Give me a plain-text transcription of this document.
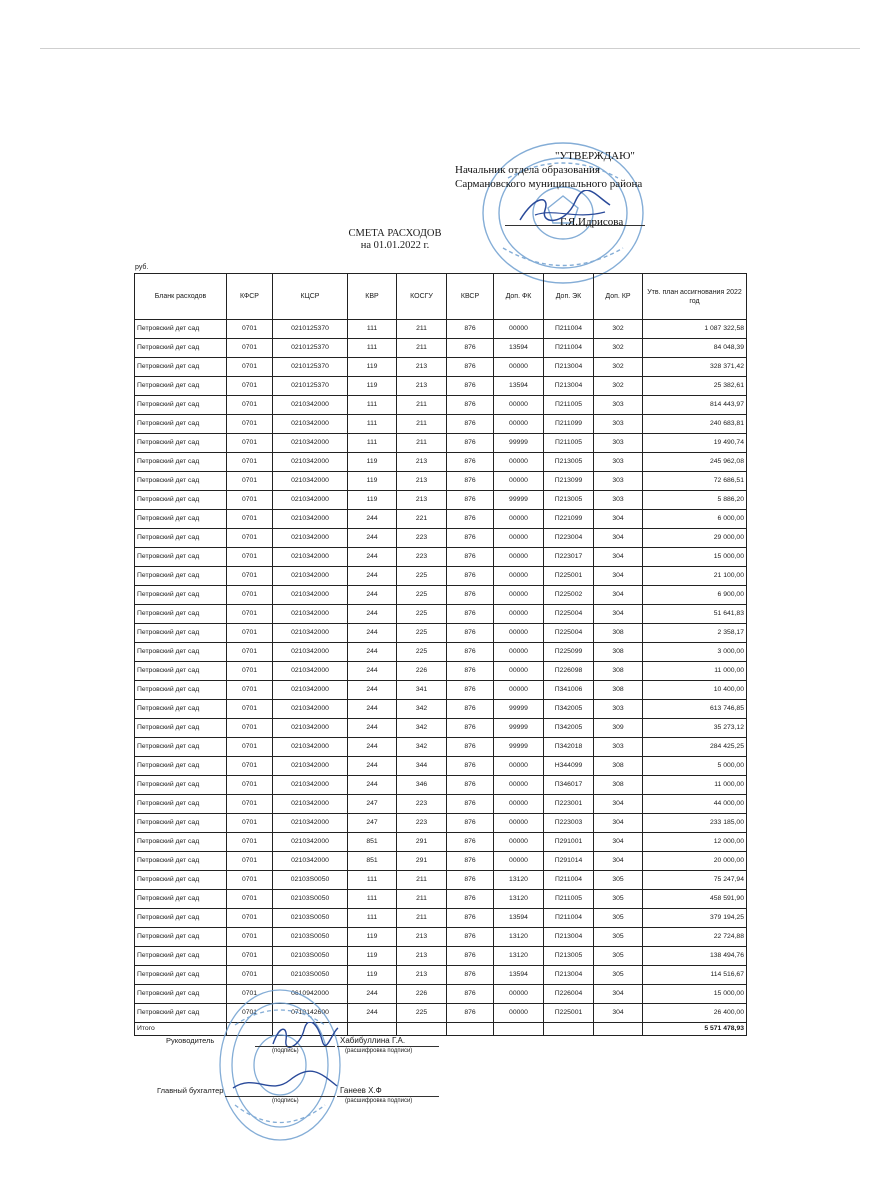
"УТВЕРЖДАЮ"
Начальник отдела образования
Сармановского муниципального района
Г.Я.Идрисова
СМЕТА РАСХОДОВ
на 01.01.2022 г.
руб.
Бланк расходов	КФСР	КЦСР	КВР	КОСГУ	КВСР	Доп. ФК	Доп. ЭК	Доп. КР	Утв. план ассигнования 2022 год
Петровский дет сад	0701	0210125370	111	211	876	00000	П211004	302	1 087 322,58
Петровский дет сад	0701	0210125370	111	211	876	13594	П211004	302	84 048,39
Петровский дет сад	0701	0210125370	119	213	876	00000	П213004	302	328 371,42
Петровский дет сад	0701	0210125370	119	213	876	13594	П213004	302	25 382,61
Петровский дет сад	0701	0210342000	111	211	876	00000	П211005	303	814 443,97
Петровский дет сад	0701	0210342000	111	211	876	00000	П211099	303	240 683,81
Петровский дет сад	0701	0210342000	111	211	876	99999	П211005	303	19 490,74
Петровский дет сад	0701	0210342000	119	213	876	00000	П213005	303	245 962,08
Петровский дет сад	0701	0210342000	119	213	876	00000	П213099	303	72 686,51
Петровский дет сад	0701	0210342000	119	213	876	99999	П213005	303	5 886,20
Петровский дет сад	0701	0210342000	244	221	876	00000	П221099	304	6 000,00
Петровский дет сад	0701	0210342000	244	223	876	00000	П223004	304	29 000,00
Петровский дет сад	0701	0210342000	244	223	876	00000	П223017	304	15 000,00
Петровский дет сад	0701	0210342000	244	225	876	00000	П225001	304	21 100,00
Петровский дет сад	0701	0210342000	244	225	876	00000	П225002	304	6 900,00
Петровский дет сад	0701	0210342000	244	225	876	00000	П225004	304	51 641,83
Петровский дет сад	0701	0210342000	244	225	876	00000	П225004	308	2 358,17
Петровский дет сад	0701	0210342000	244	225	876	00000	П225099	308	3 000,00
Петровский дет сад	0701	0210342000	244	226	876	00000	П226098	308	11 000,00
Петровский дет сад	0701	0210342000	244	341	876	00000	П341006	308	10 400,00
Петровский дет сад	0701	0210342000	244	342	876	99999	П342005	303	613 746,85
Петровский дет сад	0701	0210342000	244	342	876	99999	П342005	309	35 273,12
Петровский дет сад	0701	0210342000	244	342	876	99999	П342018	303	284 425,25
Петровский дет сад	0701	0210342000	244	344	876	00000	Н344099	308	5 000,00
Петровский дет сад	0701	0210342000	244	346	876	00000	П346017	308	11 000,00
Петровский дет сад	0701	0210342000	247	223	876	00000	П223001	304	44 000,00
Петровский дет сад	0701	0210342000	247	223	876	00000	П223003	304	233 185,00
Петровский дет сад	0701	0210342000	851	291	876	00000	П291001	304	12 000,00
Петровский дет сад	0701	0210342000	851	291	876	00000	П291014	304	20 000,00
Петровский дет сад	0701	02103S0050	111	211	876	13120	П211004	305	75 247,94
Петровский дет сад	0701	02103S0050	111	211	876	13120	П211005	305	458 591,90
Петровский дет сад	0701	02103S0050	111	211	876	13594	П211004	305	379 194,25
Петровский дет сад	0701	02103S0050	119	213	876	13120	П213004	305	22 724,88
Петровский дет сад	0701	02103S0050	119	213	876	13120	П213005	305	138 494,76
Петровский дет сад	0701	02103S0050	119	213	876	13594	П213004	305	114 516,67
Петровский дет сад	0701	0610942000	244	226	876	00000	П226004	304	15 000,00
Петровский дет сад	0701	0710142600	244	225	876	00000	П225001	304	26 400,00
Итого									5 571 478,93
Руководитель	Хабибуллина Г.А.
(подпись)	(расшифровка подписи)
Главный бухгалтер	Ганеев Х.Ф
(подпись)	(расшифровка подписи)
